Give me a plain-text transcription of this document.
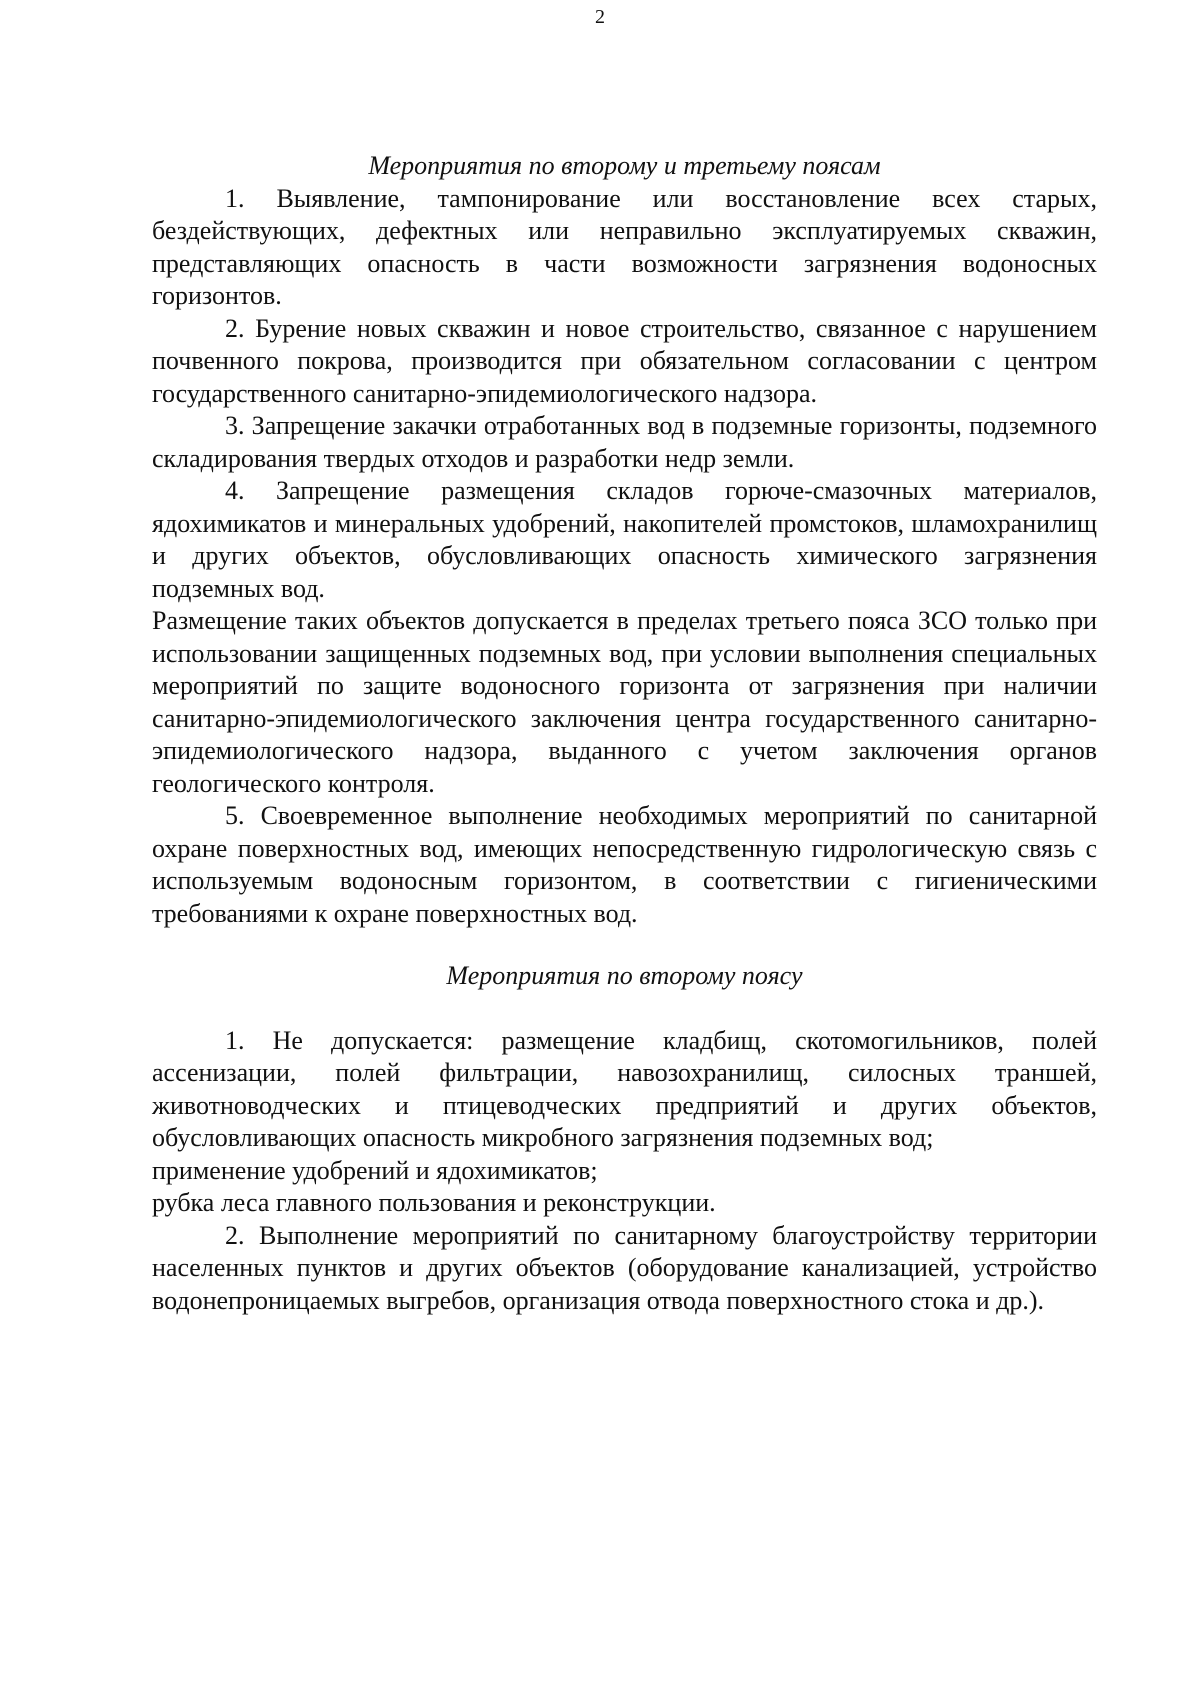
2

Мероприятия по второму и третьему поясам

1. Выявление, тампонирование или восстановление всех старых, бездействующих, дефектных или неправильно эксплуатируемых скважин, представляющих опасность в части возможности загрязнения водоносных горизонтов.

2. Бурение новых скважин и новое строительство, связанное с нарушением почвенного покрова, производится при обязательном согласовании с центром государственного санитарно-эпидемиологического надзора.

3. Запрещение закачки отработанных вод в подземные горизонты, подземного складирования твердых отходов и разработки недр земли.

4. Запрещение размещения складов горюче-смазочных материалов, ядохимикатов и минеральных удобрений, накопителей промстоков, шламохранилищ и других объектов, обусловливающих опасность химического загрязнения подземных вод.

Размещение таких объектов допускается в пределах третьего пояса ЗСО только при использовании защищенных подземных вод, при условии выполнения специальных мероприятий по защите водоносного горизонта от загрязнения при наличии санитарно-эпидемиологического заключения центра государственного санитарно-эпидемиологического надзора, выданного с учетом заключения органов геологического контроля.

5. Своевременное выполнение необходимых мероприятий по санитарной охране поверхностных вод, имеющих непосредственную гидрологическую связь с используемым водоносным горизонтом, в соответствии с гигиеническими требованиями к охране поверхностных вод.

Мероприятия по второму поясу

1. Не допускается: размещение кладбищ, скотомогильников, полей ассенизации, полей фильтрации, навозохранилищ, силосных траншей, животноводческих и птицеводческих предприятий и других объектов, обусловливающих опасность микробного загрязнения подземных вод;

применение удобрений и ядохимикатов;

рубка леса главного пользования и реконструкции.

2. Выполнение мероприятий по санитарному благоустройству территории населенных пунктов и других объектов (оборудование канализацией, устройство водонепроницаемых выгребов, организация отвода поверхностного стока и др.).
